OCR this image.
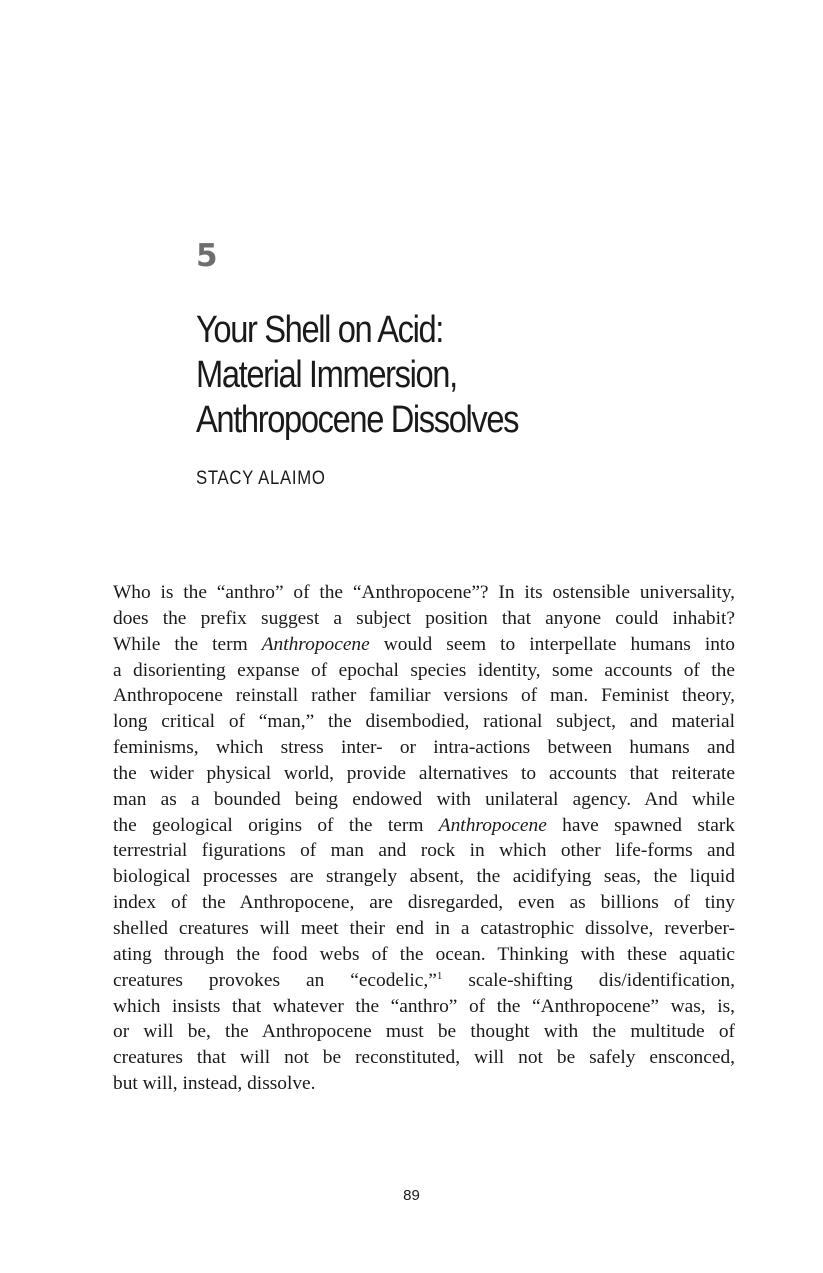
5
Your Shell on Acid:
Material Immersion,
Anthropocene Dissolves
STACY ALAIMO
Who is the “anthro” of the “Anthropocene”? In its ostensible universality,
does the prefix suggest a subject position that anyone could inhabit?
While the term Anthropocene would seem to interpellate humans into
a disorienting expanse of epochal species identity, some accounts of the
Anthropocene reinstall rather familiar versions of man. Feminist theory,
long critical of “man,” the disembodied, rational subject, and material
feminisms, which stress inter- or intra-actions between humans and
the wider physical world, provide alternatives to accounts that reiterate
man as a bounded being endowed with unilateral agency. And while
the geological origins of the term Anthropocene have spawned stark
terrestrial figurations of man and rock in which other life-forms and
biological processes are strangely absent, the acidifying seas, the liquid
index of the Anthropocene, are disregarded, even as billions of tiny
shelled creatures will meet their end in a catastrophic dissolve, reverber-
ating through the food webs of the ocean. Thinking with these aquatic
creatures provokes an “ecodelic,”$^1$ scale-shifting dis/identification,
which insists that whatever the “anthro” of the “Anthropocene” was, is,
or will be, the Anthropocene must be thought with the multitude of
creatures that will not be reconstituted, will not be safely ensconced,
but will, instead, dissolve.
89
